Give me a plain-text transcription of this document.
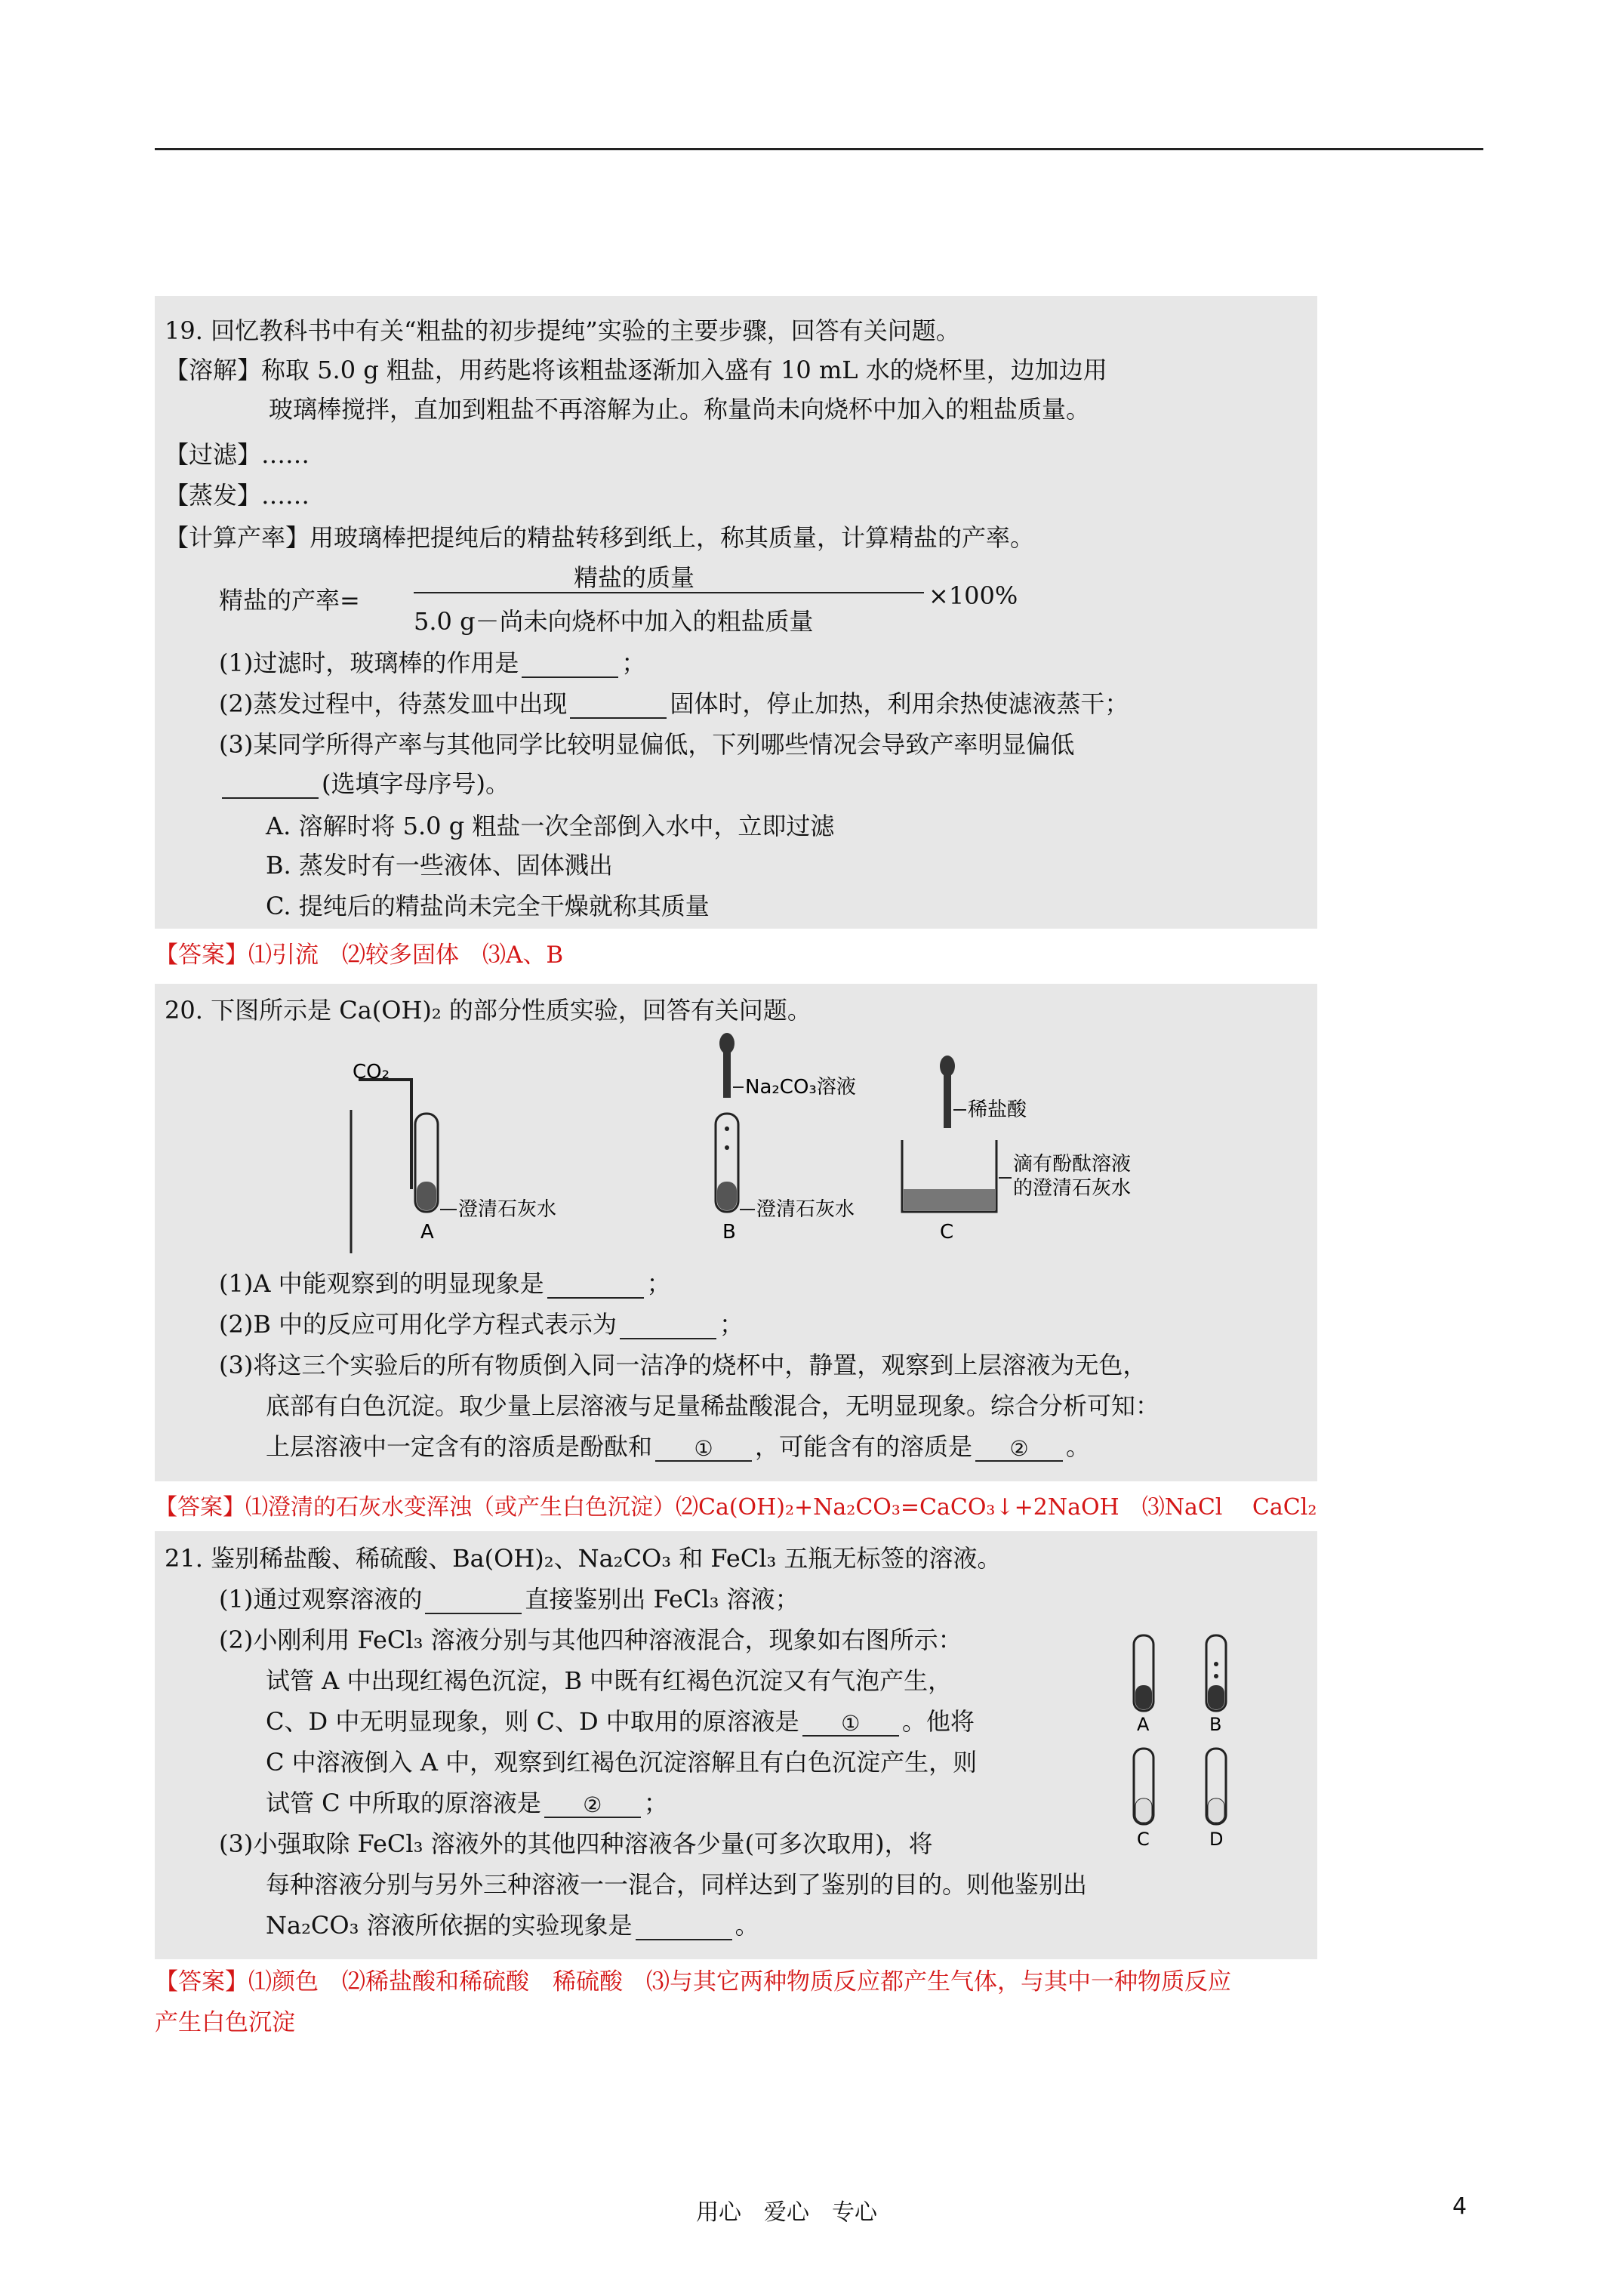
19. 回忆教科书中有关“粗盐的初步提纯”实验的主要步骤，回答有关问题。
【溶解】称取 5.0 g 粗盐，用药匙将该粗盐逐渐加入盛有 10 mL 水的烧杯里，边加边用
玻璃棒搅拌，直加到粗盐不再溶解为止。称量尚未向烧杯中加入的粗盐质量。
【过滤】……
【蒸发】……
【计算产率】用玻璃棒把提纯后的精盐转移到纸上，称其质量，计算精盐的产率。
精盐的产率=
精盐的质量
5.0 g－尚未向烧杯中加入的粗盐质量
×100%
(1)过滤时，玻璃棒的作用是	；
(2)蒸发过程中，待蒸发皿中出现	固体时，停止加热，利用余热使滤液蒸干；
(3)某同学所得产率与其他同学比较明显偏低，下列哪些情况会导致产率明显偏低
(选填字母序号)。
A. 溶解时将 5.0 g 粗盐一次全部倒入水中，立即过滤
B. 蒸发时有一些液体、固体溅出
C. 提纯后的精盐尚未完全干燥就称其质量
【答案】⑴引流　⑵较多固体　⑶A、B
20. 下图所示是 Ca(OH)₂ 的部分性质实验，回答有关问题。
CO₂
澄清石灰水
A
Na₂CO₃溶液
澄清石灰水
B
稀盐酸
滴有酚酞溶液
的澄清石灰水
C
(1)A 中能观察到的明显现象是	；
(2)B 中的反应可用化学方程式表示为	；
(3)将这三个实验后的所有物质倒入同一洁净的烧杯中，静置，观察到上层溶液为无色，
底部有白色沉淀。取少量上层溶液与足量稀盐酸混合，无明显现象。综合分析可知：
上层溶液中一定含有的溶质是酚酞和	①	，可能含有的溶质是	②	。
【答案】⑴澄清的石灰水变浑浊（或产生白色沉淀）⑵Ca(OH)₂+Na₂CO₃=CaCO₃↓+2NaOH　⑶NaCl　 CaCl₂
21. 鉴别稀盐酸、稀硫酸、Ba(OH)₂、Na₂CO₃ 和 FeCl₃ 五瓶无标签的溶液。
(1)通过观察溶液的	直接鉴别出 FeCl₃ 溶液；
(2)小刚利用 FeCl₃ 溶液分别与其他四种溶液混合，现象如右图所示：
试管 A 中出现红褐色沉淀，B 中既有红褐色沉淀又有气泡产生，
C、D 中无明显现象，则 C、D 中取用的原溶液是	①	。他将
C 中溶液倒入 A 中，观察到红褐色沉淀溶解且有白色沉淀产生，则
试管 C 中所取的原溶液是	②	；
(3)小强取除 FeCl₃ 溶液外的其他四种溶液各少量(可多次取用)，将
每种溶液分别与另外三种溶液一一混合，同样达到了鉴别的目的。则他鉴别出
Na₂CO₃ 溶液所依据的实验现象是	。
A	B
C	D
【答案】⑴颜色　⑵稀盐酸和稀硫酸　稀硫酸　⑶与其它两种物质反应都产生气体，与其中一种物质反应
产生白色沉淀
用心　爱心　专心	4
